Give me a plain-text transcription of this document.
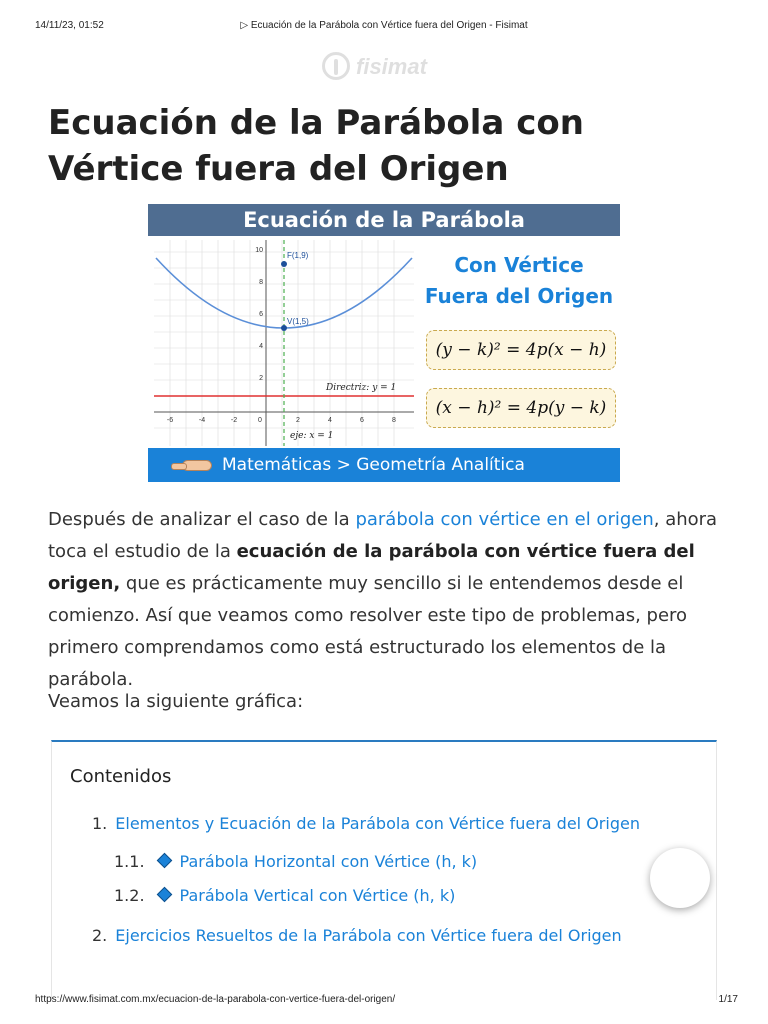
14/11/23, 01:52	▷ Ecuación de la Parábola con Vértice fuera del Origen - Fisimat
fisimat
Ecuación de la Parábola con Vértice fuera del Origen
Ecuación de la Parábola
F(1,9)
V(1,5)
Directriz: y = 1
eje: x = 1
10
8
6
4
2
-6	-4	-2	0	2	4	6	8
Con Vértice
Fuera del Origen
(y − k)² = 4p(x − h)
(x − h)² = 4p(y − k)
Matemáticas > Geometría Analítica

Después de analizar el caso de la parábola con vértice en el origen, ahora toca el estudio de la ecuación de la parábola con vértice fuera del origen, que es prácticamente muy sencillo si le entendemos desde el comienzo. Así que veamos como resolver este tipo de problemas, pero primero comprendamos como está estructurado los elementos de la parábola.

Veamos la siguiente gráfica:

Contenidos
1. Elementos y Ecuación de la Parábola con Vértice fuera del Origen
1.1. Parábola Horizontal con Vértice (h, k)
1.2. Parábola Vertical con Vértice (h, k)
2. Ejercicios Resueltos de la Parábola con Vértice fuera del Origen
https://www.fisimat.com.mx/ecuacion-de-la-parabola-con-vertice-fuera-del-origen/	1/17
